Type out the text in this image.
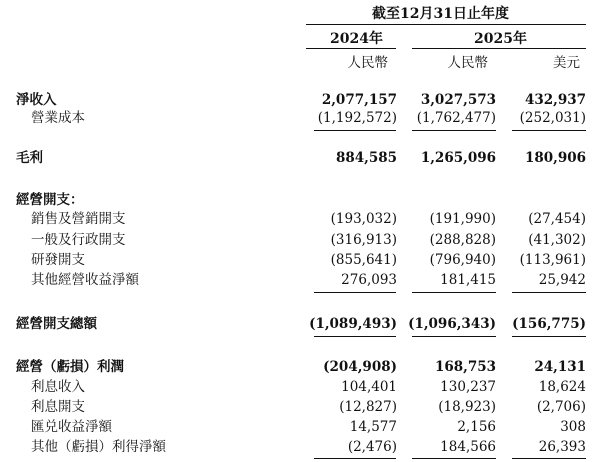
截至12月31日止年度
2024年	2025年
人民幣	人民幣	美元
淨收入	2,077,157 3,027,573 432,937
營業成本	(1,192,572) (1,762,477) (252,031)
毛利	884,585 1,265,096 180,906
經營開支：
銷售及營銷開支	(193,032) (191,990) (27,454)
一般及行政開支	(316,913) (288,828) (41,302)
研發開支	(855,641) (796,940) (113,961)
其他經營收益淨額	276,093	181,415	25,942
經營開支總額	(1,089,493) (1,096,343) (156,775)
經營（虧損）利潤	(204,908)	168,753	24,131
利息收入	104,401	130,237	18,624
利息開支	(12,827)	(18,923)	(2,706)
匯兑收益淨額	14,577	2,156	308
其他（虧損）利得淨額	(2,476)	184,566	26,393
